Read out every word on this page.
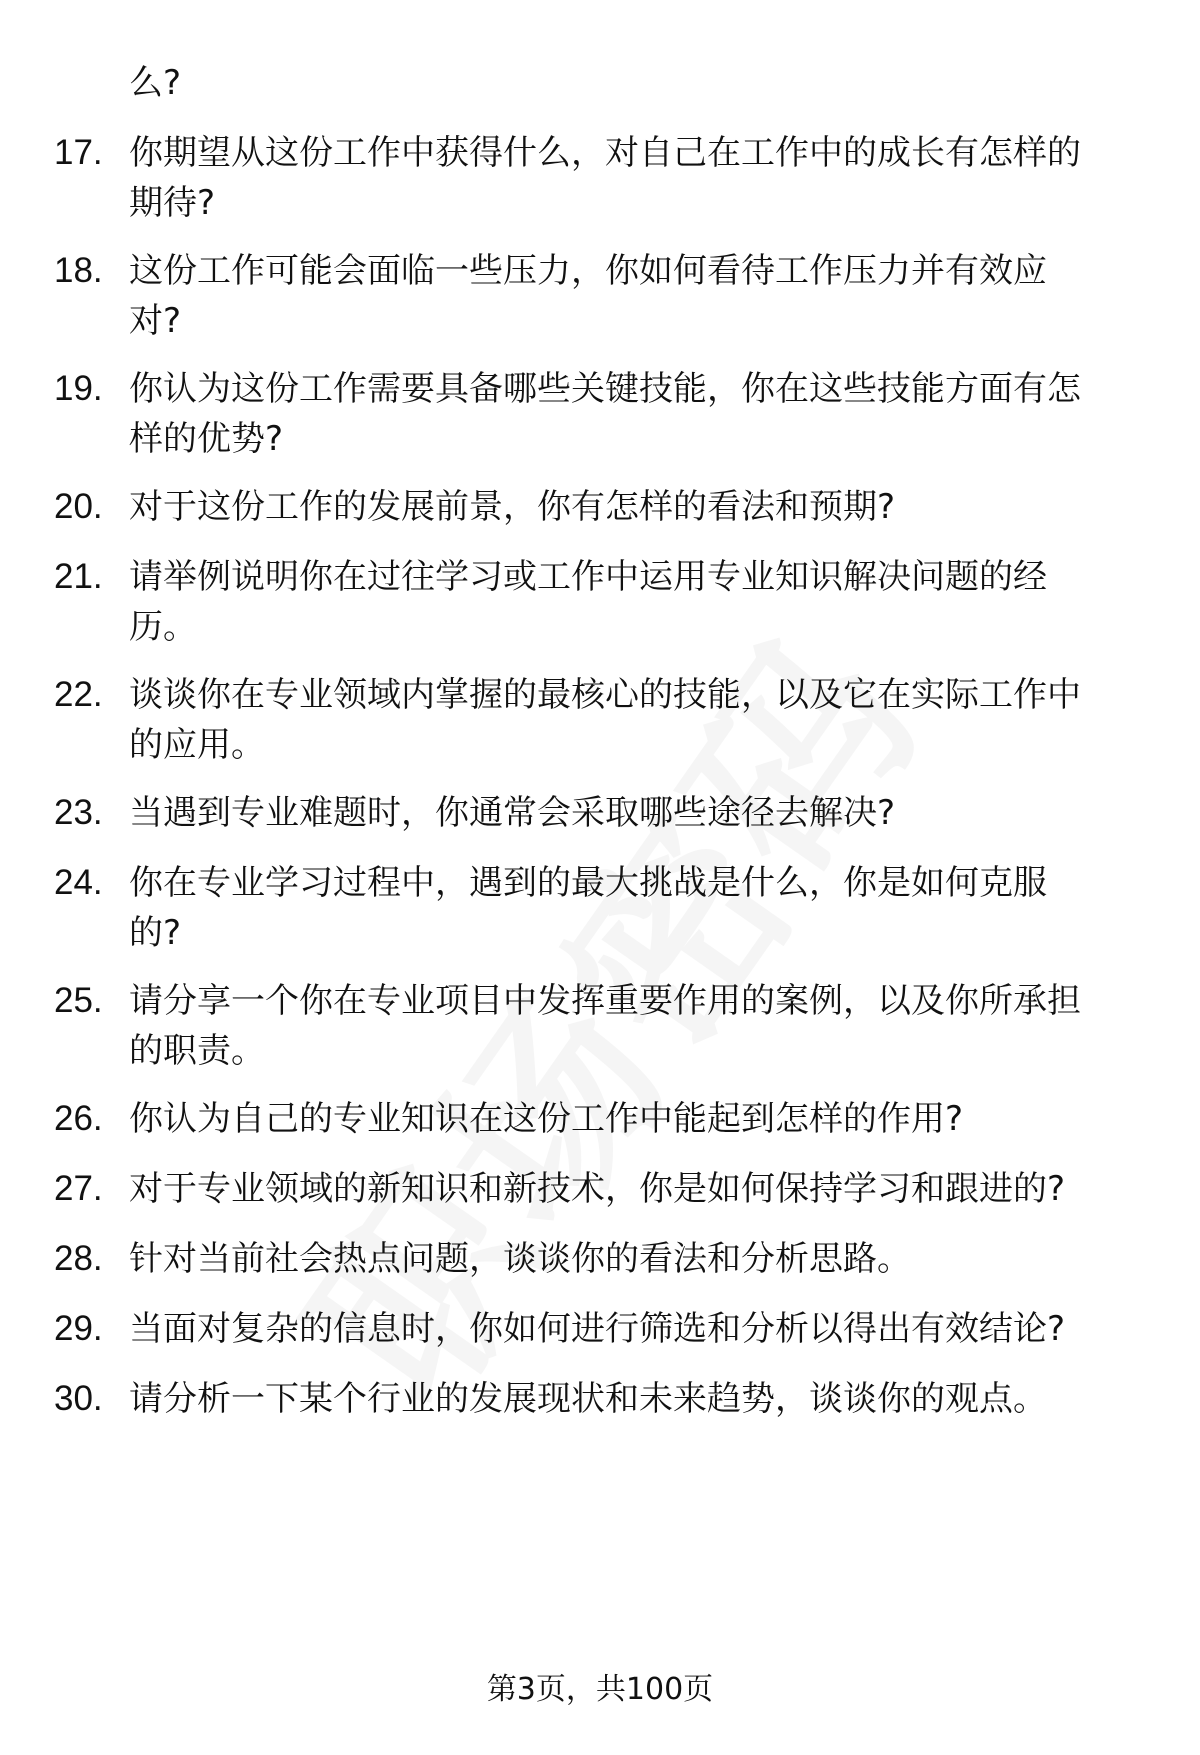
么?
17. 你期望从这份工作中获得什么，对自己在工作中的成长有怎样的
期待?
18. 这份工作可能会面临一些压力，你如何看待工作压力并有效应
对?
19. 你认为这份工作需要具备哪些关键技能，你在这些技能方面有怎
样的优势?
20. 对于这份工作的发展前景，你有怎样的看法和预期?
21. 请举例说明你在过往学习或工作中运用专业知识解决问题的经
历。
22. 谈谈你在专业领域内掌握的最核心的技能，以及它在实际工作中
的应用。
23. 当遇到专业难题时，你通常会采取哪些途径去解决?
24. 你在专业学习过程中，遇到的最大挑战是什么，你是如何克服
的?
25. 请分享一个你在专业项目中发挥重要作用的案例，以及你所承担
的职责。
26. 你认为自己的专业知识在这份工作中能起到怎样的作用?
27. 对于专业领域的新知识和新技术，你是如何保持学习和跟进的?
28. 针对当前社会热点问题，谈谈你的看法和分析思路。
29. 当面对复杂的信息时，你如何进行筛选和分析以得出有效结论?
30. 请分析一下某个行业的发展现状和未来趋势，谈谈你的观点。
第3页，共100页
